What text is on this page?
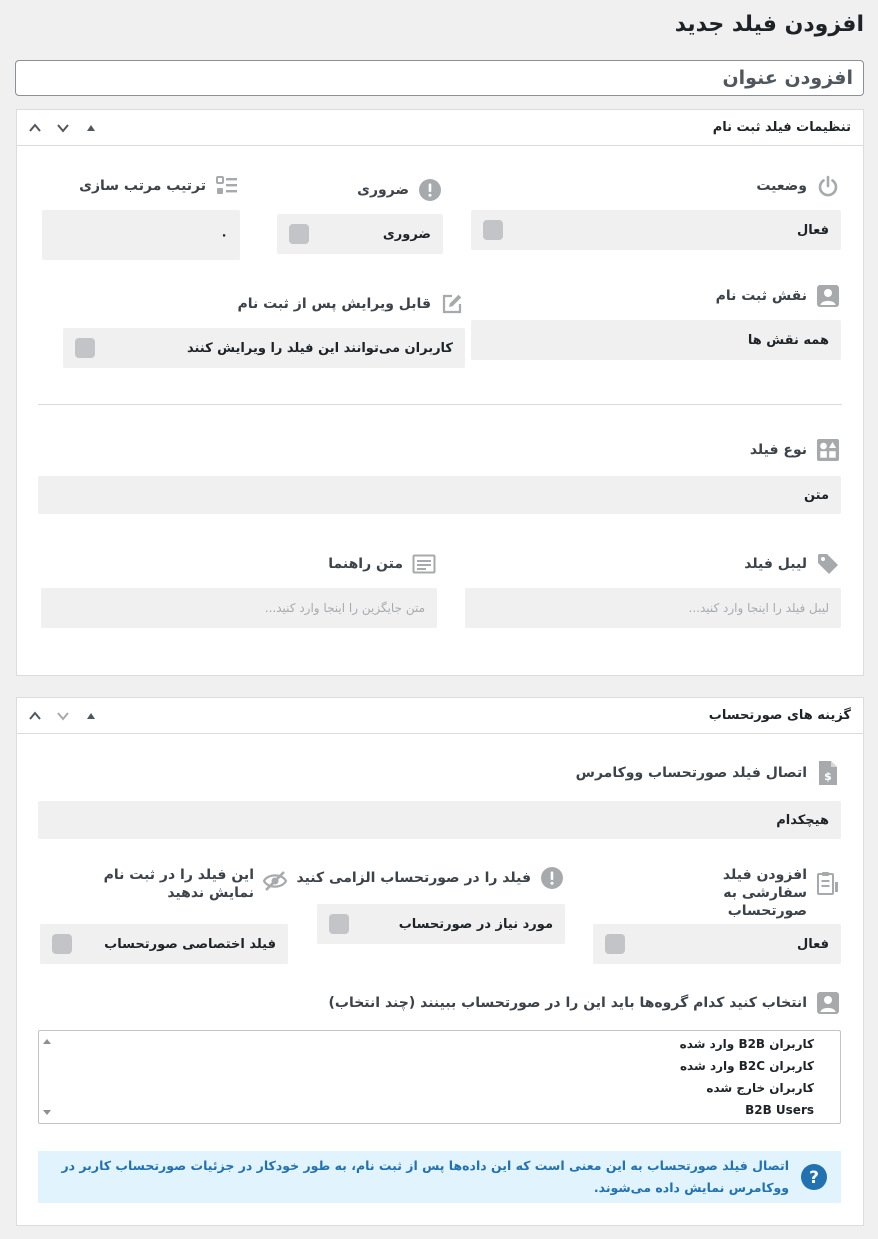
افزودن فیلد جدید
افزودن عنوان
تنظیمات فیلد ثبت نام
وضعیت
فعال
ضروری
ضروری
ترتیب مرتب سازی
۰
نقش ثبت نام
همه نقش ها
قابل ویرایش پس از ثبت نام
کاربران می‌توانند این فیلد را ویرایش کنند
نوع فیلد
متن
لیبل فیلد
لیبل فیلد را اینجا وارد کنید...
متن راهنما
متن جایگزین را اینجا وارد کنید...
گزینه های صورتحساب
$
اتصال فیلد صورتحساب ووکامرس
هیچکدام
افزودن فیلد سفارشی به صورتحساب
فعال
فیلد را در صورتحساب الزامی کنید
مورد نیاز در صورتحساب
این فیلد را در ثبت نام نمایش ندهید
فیلد اختصاصی صورتحساب
انتخاب کنید کدام گروه‌ها باید این را در صورتحساب ببینند (چند انتخاب)
کاربران B2B وارد شده
کاربران B2C وارد شده
کاربران خارج شده
B2B Users
?
اتصال فیلد صورتحساب به این معنی است که این داده‌ها پس از ثبت نام، به طور خودکار در جزئیات صورتحساب کاربر در ووکامرس نمایش داده می‌شوند.
